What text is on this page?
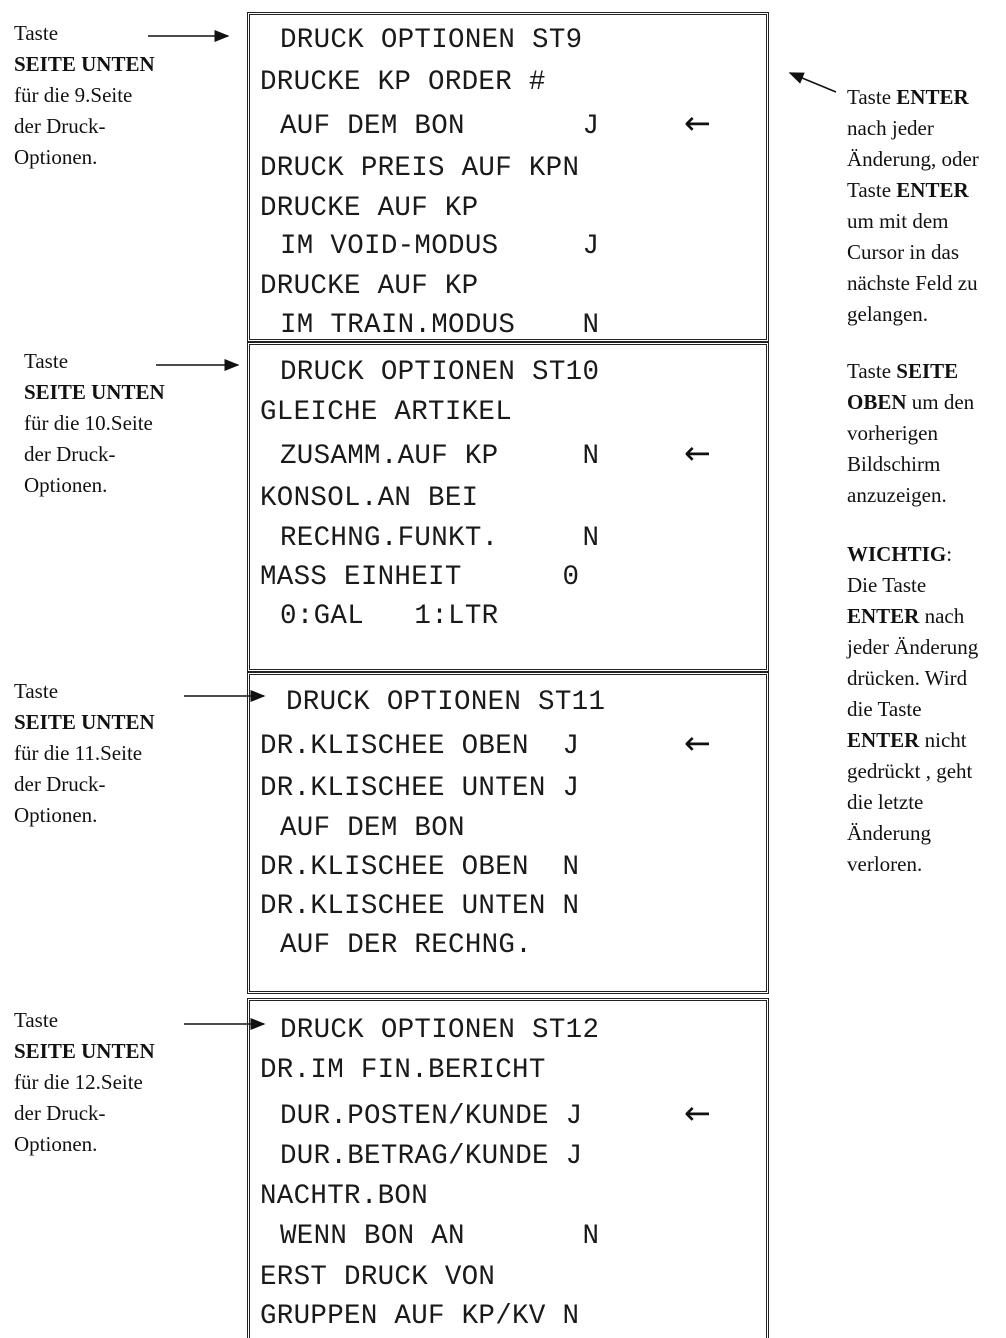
Taste
SEITE UNTEN
für die 9.Seite
der Druck-
Optionen.
Taste
SEITE UNTEN
für die 10.Seite
der Druck-
Optionen.
Taste
SEITE UNTEN
für die 11.Seite
der Druck-
Optionen.
Taste
SEITE UNTEN
für die 12.Seite
der Druck-
Optionen.
Taste ENTER
nach jeder
Änderung, oder
Taste ENTER
um mit dem
Cursor in das
nächste Feld zu
gelangen.
Taste SEITE
OBEN um den
vorherigen
Bildschirm
anzuzeigen.
WICHTIG:
Die Taste
ENTER nach
jeder Änderung
drücken. Wird
die Taste
ENTER nicht
gedrückt , geht
die letzte
Änderung
verloren.
DRUCK OPTIONEN ST9
DRUCKE KP ORDER #
AUF DEM BON       J
DRUCK PREIS AUF KPN
DRUCKE AUF KP
IM VOID-MODUS     J
DRUCKE AUF KP
IM TRAIN.MODUS    N
DRUCK OPTIONEN ST10
GLEICHE ARTIKEL
ZUSAMM.AUF KP     N
KONSOL.AN BEI
RECHNG.FUNKT.     N
MASS EINHEIT      0
0:GAL   1:LTR
DRUCK OPTIONEN ST11
DR.KLISCHEE OBEN  J
DR.KLISCHEE UNTEN J
AUF DEM BON
DR.KLISCHEE OBEN  N
DR.KLISCHEE UNTEN N
AUF DER RECHNG.
DRUCK OPTIONEN ST12
DR.IM FIN.BERICHT
DUR.POSTEN/KUNDE J
DUR.BETRAG/KUNDE J
NACHTR.BON
WENN BON AN       N
ERST DRUCK VON
GRUPPEN AUF KP/KV N
←
←
←
←
